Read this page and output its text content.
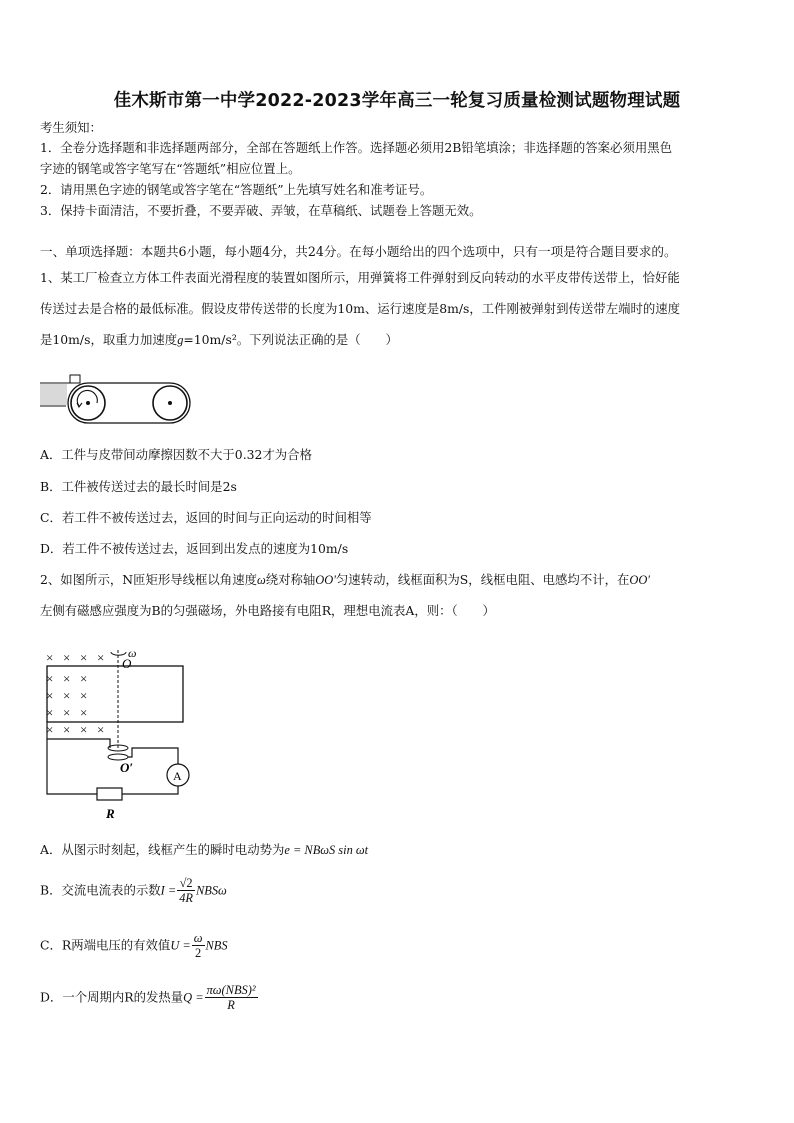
佳木斯市第一中学2022-2023学年高三一轮复习质量检测试题物理试题
考生须知：
1．全卷分选择题和非选择题两部分，全部在答题纸上作答。选择题必须用2B铅笔填涂；非选择题的答案必须用黑色
字迹的钢笔或答字笔写在“答题纸”相应位置上。
2．请用黑色字迹的钢笔或答字笔在“答题纸”上先填写姓名和准考证号。
3．保持卡面清洁，不要折叠，不要弄破、弄皱，在草稿纸、试题卷上答题无效。
一、单项选择题：本题共6小题，每小题4分，共24分。在每小题给出的四个选项中，只有一项是符合题目要求的。
1、某工厂检查立方体工件表面光滑程度的装置如图所示，用弹簧将工件弹射到反向转动的水平皮带传送带上，恰好能
传送过去是合格的最低标准。假设皮带传送带的长度为10m、运行速度是8m/s，工件刚被弹射到传送带左端时的速度
是10m/s，取重力加速度g=10m/s²。下列说法正确的是（　　）
A．工件与皮带间动摩擦因数不大于0.32才为合格
B．工件被传送过去的最长时间是2s
C．若工件不被传送过去，返回的时间与正向运动的时间相等
D．若工件不被传送过去，返回到出发点的速度为10m/s
2、如图所示，N匝矩形导线框以角速度ω绕对称轴OO′匀速转动，线框面积为S，线框电阻、电感均不计，在OO′
左侧有磁感应强度为B的匀强磁场，外电路接有电阻R，理想电流表A，则：（　　）
× × × ×
× × ×
× × ×
× × ×
× × × ×
ω
O
O′
A
R
A．从图示时刻起，线框产生的瞬时电动势为e = NBωS sin ωt
B．交流电流表的示数$I = \frac{√2}{4R}$ NBSω
C．R两端电压的有效值$U = \frac{\omega}{2}$ NBS
D．一个周期内R的发热量$Q = \frac{\text{πω(NBS)²}}{R}$
